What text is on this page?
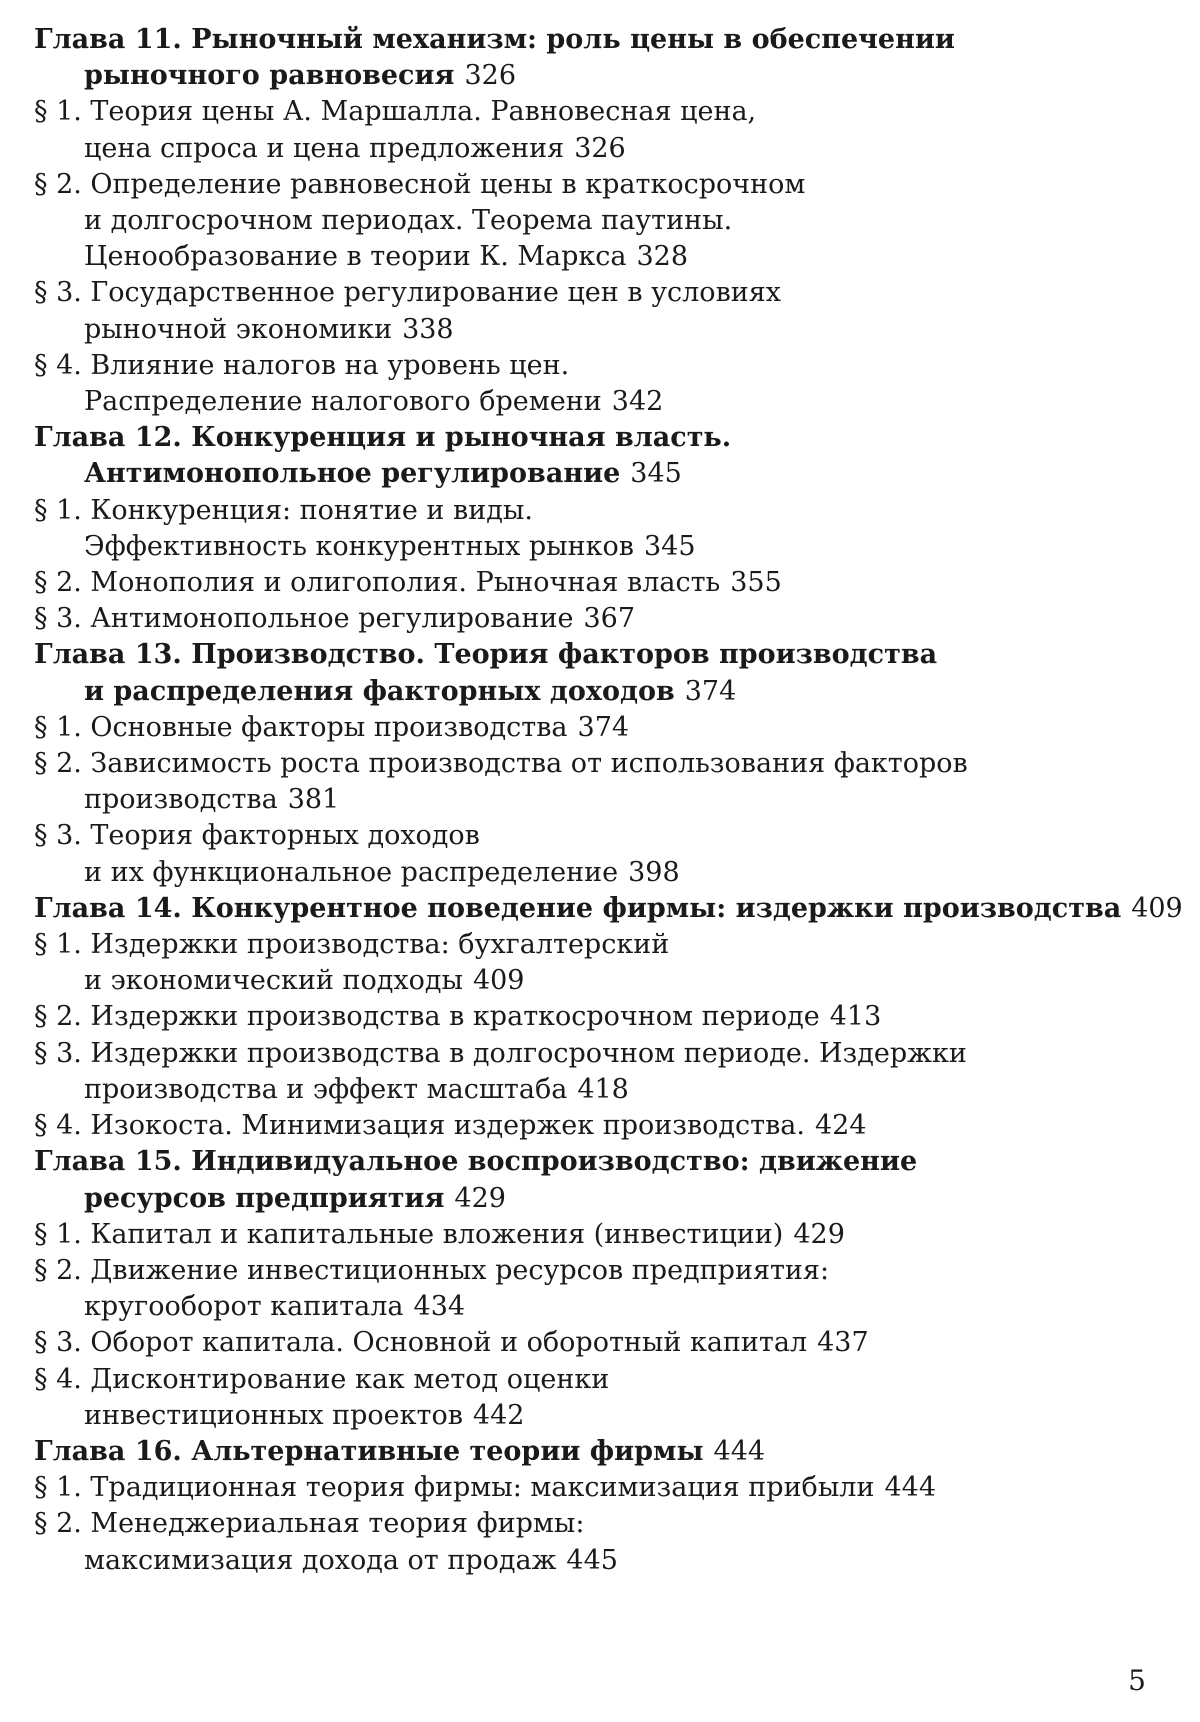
Глава 11. Рыночный механизм: роль цены в обеспечении
рыночного равновесия 326
§ 1. Теория цены А. Маршалла. Равновесная цена,
цена спроса и цена предложения 326
§ 2. Определение равновесной цены в краткосрочном
и долгосрочном периодах. Теорема паутины.
Ценообразование в теории К. Маркса 328
§ 3. Государственное регулирование цен в условиях
рыночной экономики 338
§ 4. Влияние налогов на уровень цен.
Распределение налогового бремени 342
Глава 12. Конкуренция и рыночная власть.
Антимонопольное регулирование 345
§ 1. Конкуренция: понятие и виды.
Эффективность конкурентных рынков 345
§ 2. Монополия и олигополия. Рыночная власть 355
§ 3. Антимонопольное регулирование 367
Глава 13. Производство. Теория факторов производства
и распределения факторных доходов 374
§ 1. Основные факторы производства 374
§ 2. Зависимость роста производства от использования факторов
производства 381
§ 3. Теория факторных доходов
и их функциональное распределение 398
Глава 14. Конкурентное поведение фирмы: издержки производства 409
§ 1. Издержки производства: бухгалтерский
и экономический подходы 409
§ 2. Издержки производства в краткосрочном периоде 413
§ 3. Издержки производства в долгосрочном периоде. Издержки
производства и эффект масштаба 418
§ 4. Изокоста. Минимизация издержек производства. 424
Глава 15. Индивидуальное воспроизводство: движение
ресурсов предприятия 429
§ 1. Капитал и капитальные вложения (инвестиции) 429
§ 2. Движение инвестиционных ресурсов предприятия:
кругооборот капитала 434
§ 3. Оборот капитала. Основной и оборотный капитал 437
§ 4. Дисконтирование как метод оценки
инвестиционных проектов 442
Глава 16. Альтернативные теории фирмы 444
§ 1. Традиционная теория фирмы: максимизация прибыли 444
§ 2. Менеджериальная теория фирмы:
максимизация дохода от продаж 445
5
